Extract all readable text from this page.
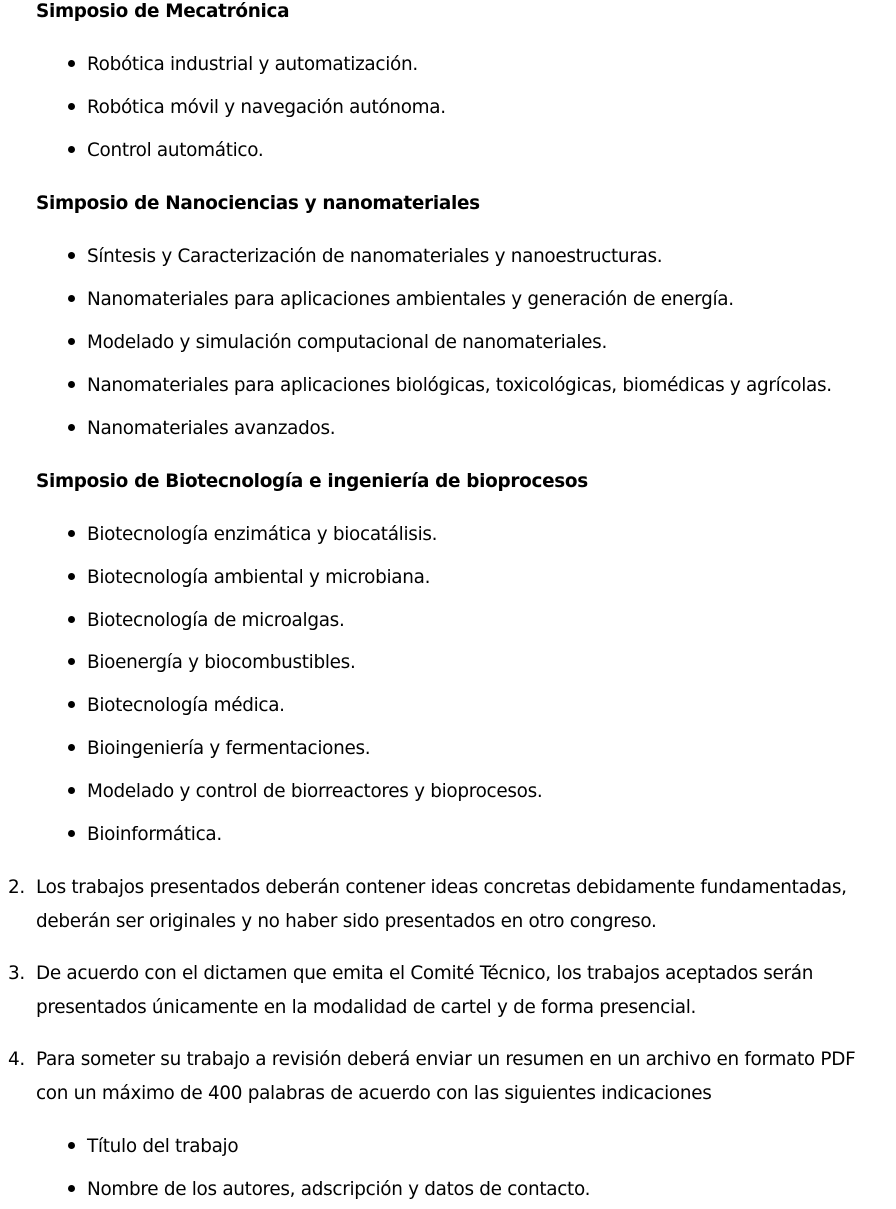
Simposio de Mecatrónica
Robótica industrial y automatización.
Robótica móvil y navegación autónoma.
Control automático.
Simposio de Nanociencias y nanomateriales
Síntesis y Caracterización de nanomateriales y nanoestructuras.
Nanomateriales para aplicaciones ambientales y generación de energía.
Modelado y simulación computacional de nanomateriales.
Nanomateriales para aplicaciones biológicas, toxicológicas, biomédicas y agrícolas.
Nanomateriales avanzados.
Simposio de Biotecnología e ingeniería de bioprocesos
Biotecnología enzimática y biocatálisis.
Biotecnología ambiental y microbiana.
Biotecnología de microalgas.
Bioenergía y biocombustibles.
Biotecnología médica.
Bioingeniería y fermentaciones.
Modelado y control de biorreactores y bioprocesos.
Bioinformática.
2. Los trabajos presentados deberán contener ideas concretas debidamente fundamentadas,
deberán ser originales y no haber sido presentados en otro congreso.
3. De acuerdo con el dictamen que emita el Comité Técnico, los trabajos aceptados serán
presentados únicamente en la modalidad de cartel y de forma presencial.
4. Para someter su trabajo a revisión deberá enviar un resumen en un archivo en formato PDF
con un máximo de 400 palabras de acuerdo con las siguientes indicaciones
Título del trabajo
Nombre de los autores, adscripción y datos de contacto.
